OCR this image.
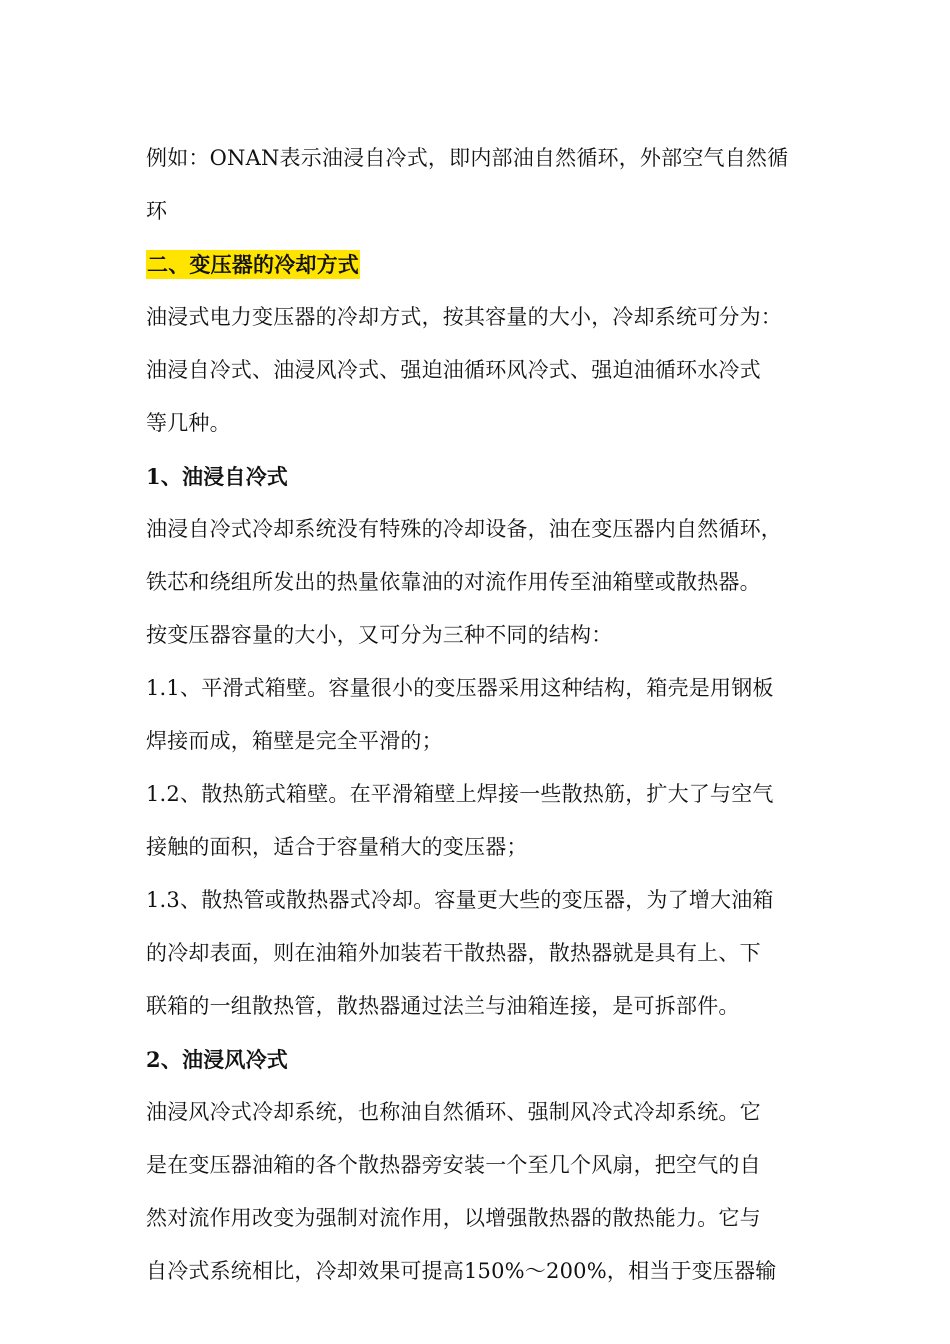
例如：ONAN表示油浸自冷式，即内部油自然循环，外部空气自然循
环
二、变压器的冷却方式
油浸式电力变压器的冷却方式，按其容量的大小，冷却系统可分为：
油浸自冷式、油浸风冷式、强迫油循环风冷式、强迫油循环水冷式
等几种。
1、油浸自冷式
油浸自冷式冷却系统没有特殊的冷却设备，油在变压器内自然循环，
铁芯和绕组所发出的热量依靠油的对流作用传至油箱壁或散热器。
按变压器容量的大小，又可分为三种不同的结构：
1.1、平滑式箱壁。容量很小的变压器采用这种结构，箱壳是用钢板
焊接而成，箱壁是完全平滑的；
1.2、散热筋式箱壁。在平滑箱壁上焊接一些散热筋，扩大了与空气
接触的面积，适合于容量稍大的变压器；
1.3、散热管或散热器式冷却。容量更大些的变压器，为了增大油箱
的冷却表面，则在油箱外加装若干散热器，散热器就是具有上、下
联箱的一组散热管，散热器通过法兰与油箱连接，是可拆部件。
2、油浸风冷式
油浸风冷式冷却系统，也称油自然循环、强制风冷式冷却系统。它
是在变压器油箱的各个散热器旁安装一个至几个风扇，把空气的自
然对流作用改变为强制对流作用，以增强散热器的散热能力。它与
自冷式系统相比，冷却效果可提高150%～200%，相当于变压器输
